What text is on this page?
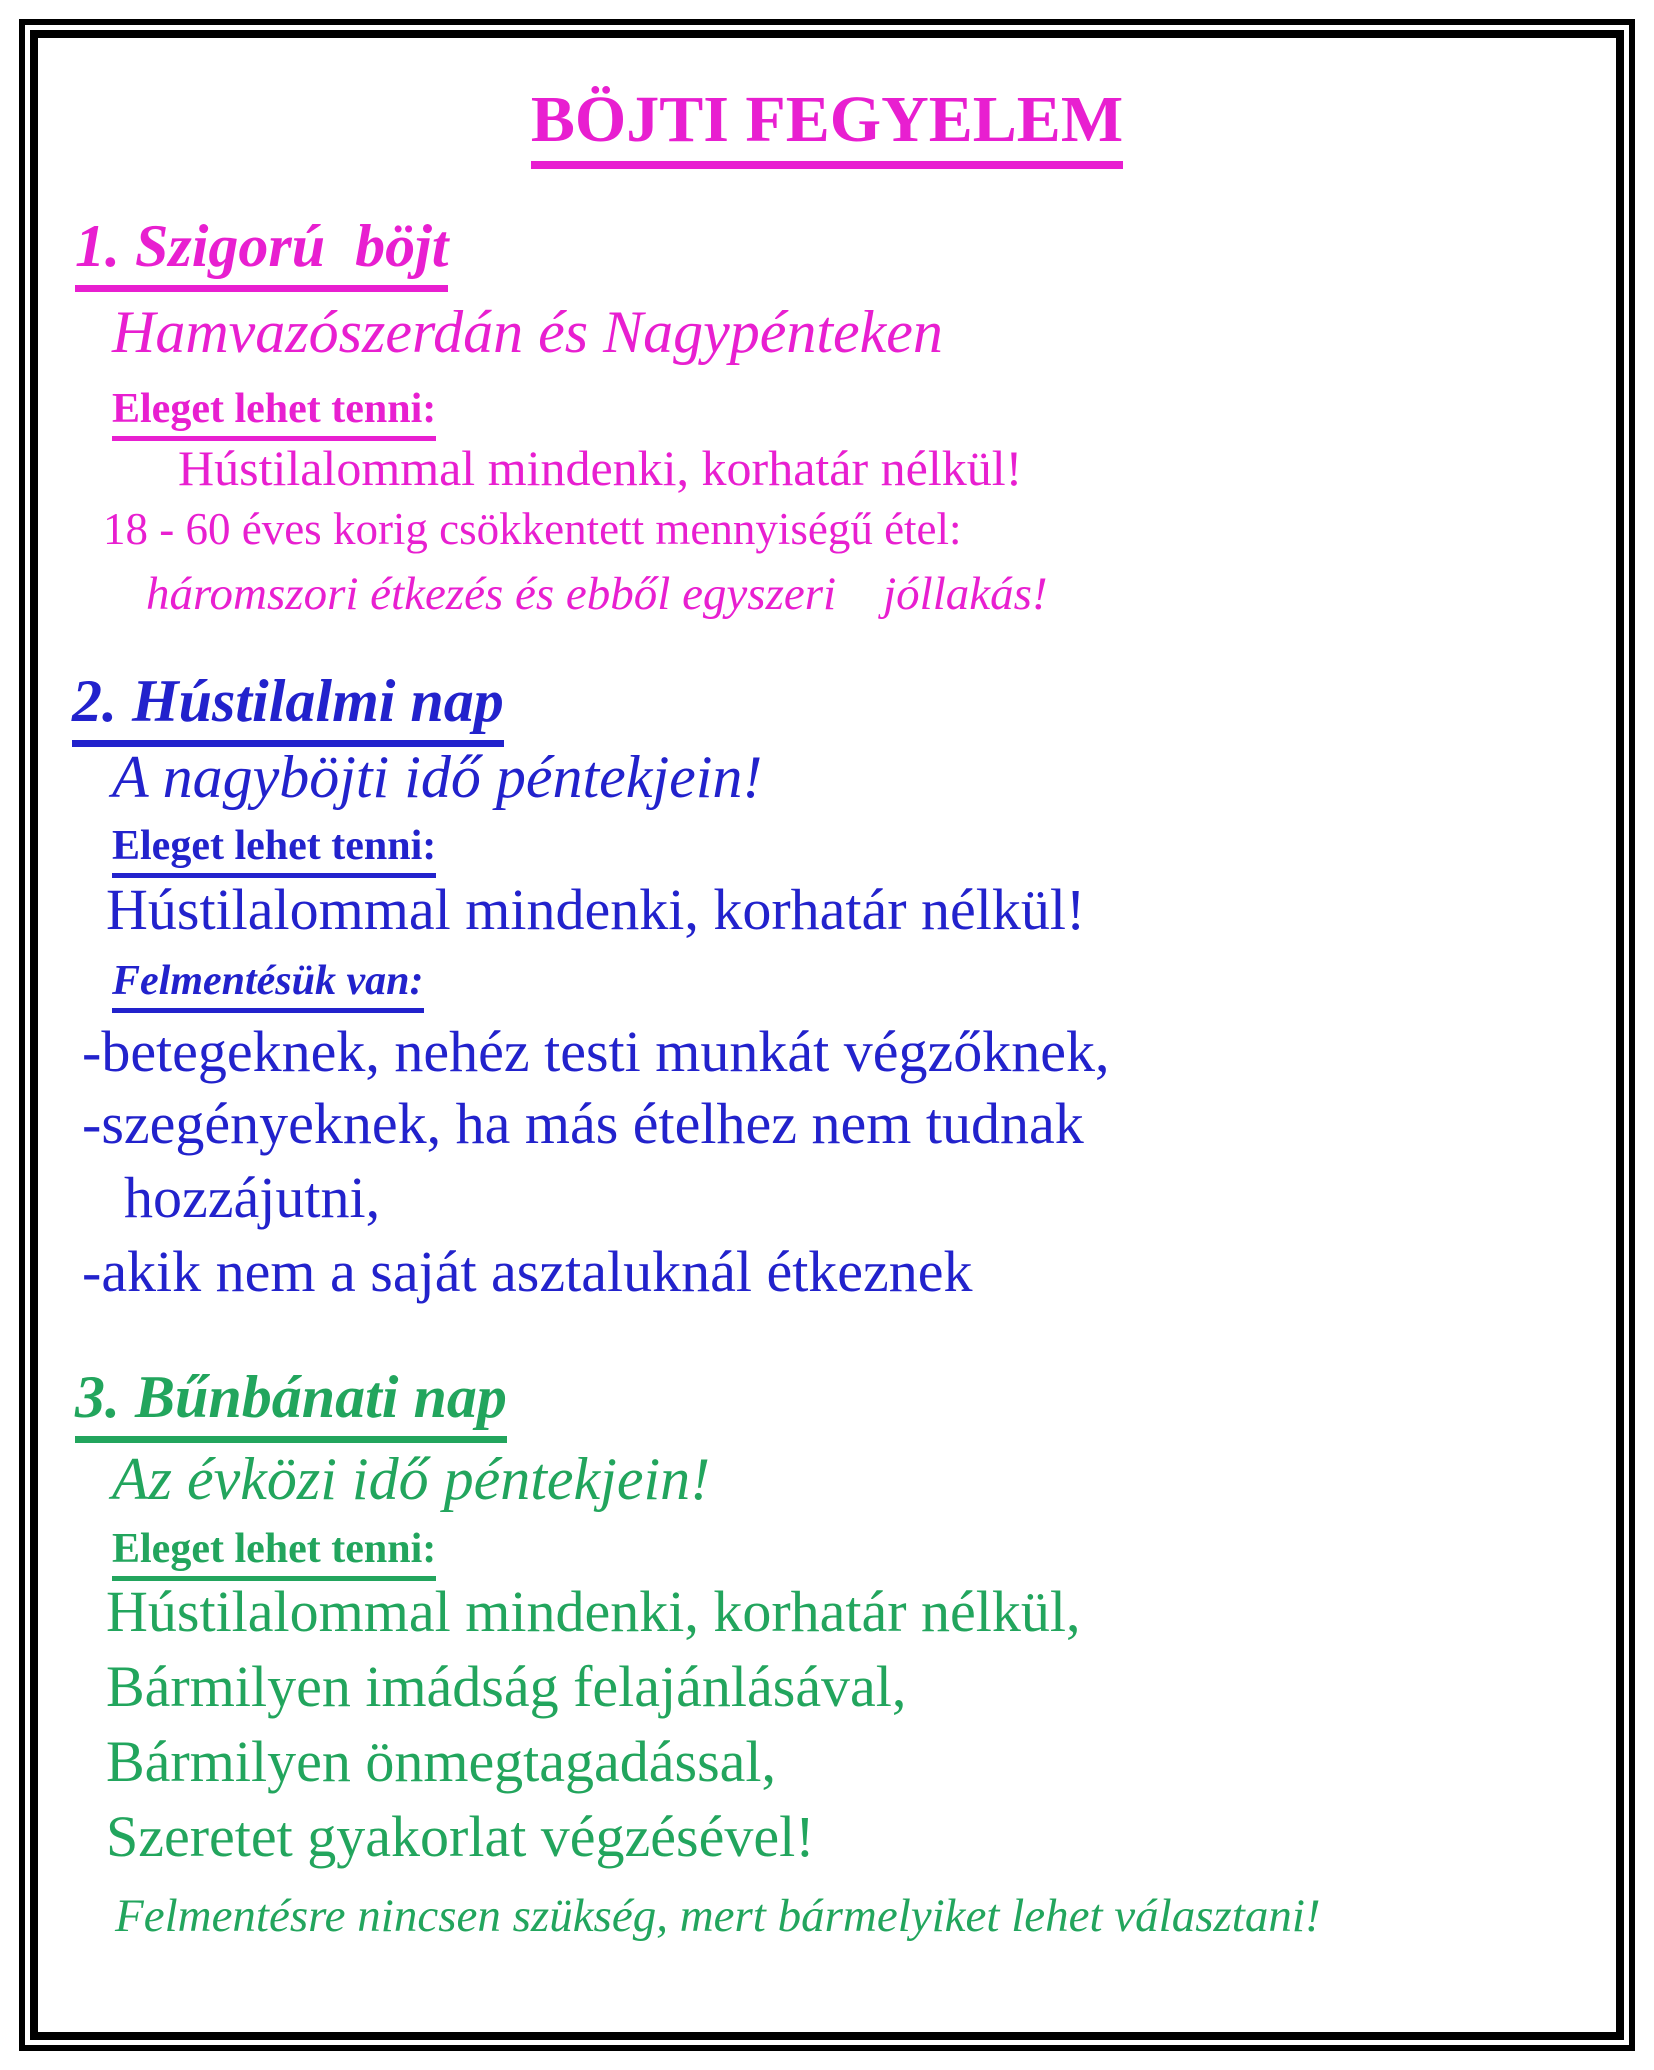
BÖJTI FEGYELEM
1. Szigorú  böjt
Hamvazószerdán és Nagypénteken
Eleget lehet tenni:
Hústilalommal mindenki, korhatár nélkül!
18 - 60 éves korig csökkentett mennyiségű étel:
háromszori étkezés és ebből egyszeri    jóllakás!
2. Hústilalmi nap
A nagyböjti idő péntekjein!
Eleget lehet tenni:
Hústilalommal mindenki, korhatár nélkül!
Felmentésük van:
-betegeknek, nehéz testi munkát végzőknek,
-szegényeknek, ha más ételhez nem tudnak
hozzájutni,
-akik nem a saját asztaluknál étkeznek
3. Bűnbánati nap
Az évközi idő péntekjein!
Eleget lehet tenni:
Hústilalommal mindenki, korhatár nélkül,
Bármilyen imádság felajánlásával,
Bármilyen önmegtagadással,
Szeretet gyakorlat végzésével!
Felmentésre nincsen szükség, mert bármelyiket lehet választani!
